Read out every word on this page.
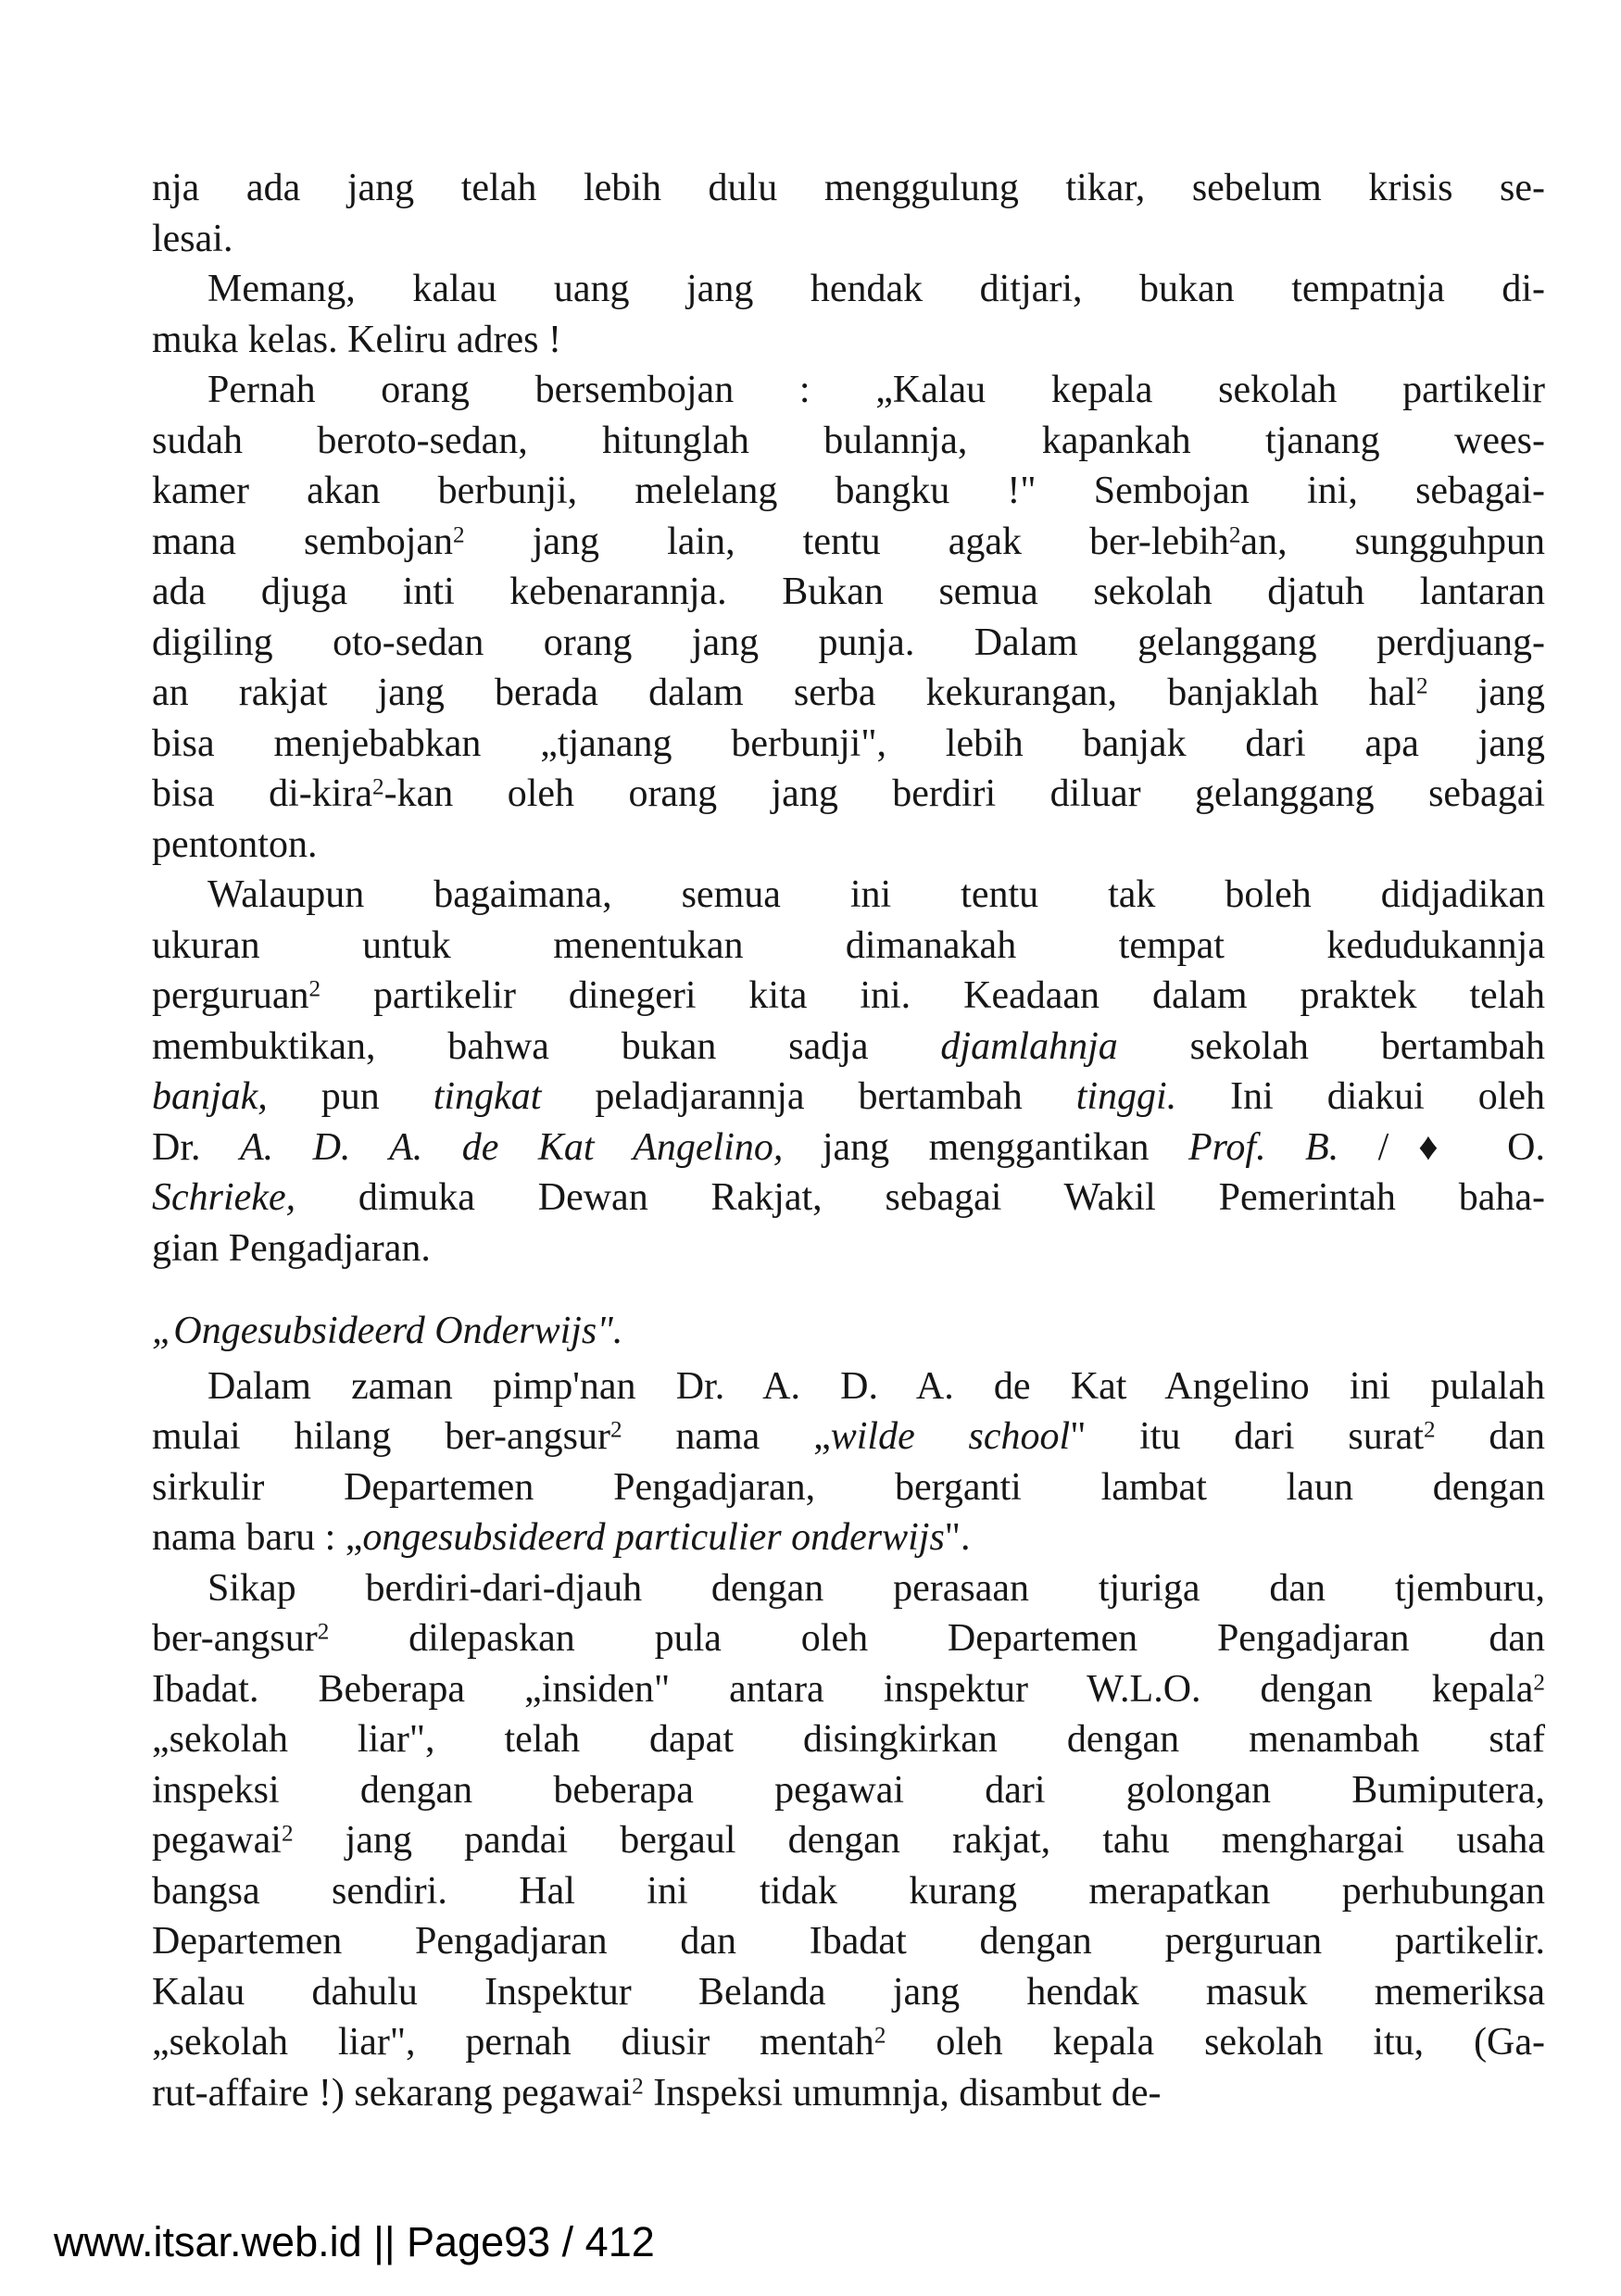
nja ada jang telah lebih dulu menggulung tikar, sebelum krisis se-
lesai.
Memang, kalau uang jang hendak ditjari, bukan tempatnja di-
muka kelas. Keliru adres !
Pernah orang bersembojan : „Kalau kepala sekolah partikelir
sudah beroto-sedan, hitunglah bulannja, kapankah tjanang wees-
kamer akan berbunji, melelang bangku !" Sembojan ini, sebagai-
mana sembojan$^2$ jang lain, tentu agak ber-lebih$^2$an, sungguhpun
ada djuga inti kebenarannja. Bukan semua sekolah djatuh lantaran
digiling oto-sedan orang jang punja. Dalam gelanggang perdjuang-
an rakjat jang berada dalam serba kekurangan, banjaklah hal$^2$ jang
bisa menjebabkan „tjanang berbunji", lebih banjak dari apa jang
bisa di-kira$^2$-kan oleh orang jang berdiri diluar gelanggang sebagai
pentonton.
Walaupun bagaimana, semua ini tentu tak boleh didjadikan
ukuran untuk menentukan dimanakah tempat kedudukannja
perguruan$^2$ partikelir dinegeri kita ini. Keadaan dalam praktek telah
membuktikan, bahwa bukan sadja djamlahnja sekolah bertambah
banjak, pun tingkat peladjarannja bertambah tinggi. Ini diakui oleh
Dr. A. D. A. de Kat Angelino, jang menggantikan Prof. B. /♦ O.
Schrieke, dimuka Dewan Rakjat, sebagai Wakil Pemerintah baha-
gian Pengadjaran.
„Ongesubsideerd Onderwijs".
Dalam zaman pimp'nan Dr. A. D. A. de Kat Angelino ini pulalah
mulai hilang ber-angsur$^2$ nama „wilde school" itu dari surat$^2$ dan
sirkulir Departemen Pengadjaran, berganti lambat laun dengan
nama baru : „ongesubsideerd particulier onderwijs".
Sikap berdiri-dari-djauh dengan perasaan tjuriga dan tjemburu,
ber-angsur$^2$ dilepaskan pula oleh Departemen Pengadjaran dan
Ibadat. Beberapa „insiden" antara inspektur W.L.O. dengan kepala$^2$
„sekolah liar", telah dapat disingkirkan dengan menambah staf
inspeksi dengan beberapa pegawai dari golongan Bumiputera,
pegawai$^2$ jang pandai bergaul dengan rakjat, tahu menghargai usaha
bangsa sendiri. Hal ini tidak kurang merapatkan perhubungan
Departemen Pengadjaran dan Ibadat dengan perguruan partikelir.
Kalau dahulu Inspektur Belanda jang hendak masuk memeriksa
„sekolah liar", pernah diusir mentah$^2$ oleh kepala sekolah itu, (Ga-
rut-affaire !) sekarang pegawai$^2$ Inspeksi umumnja, disambut de-
www.itsar.web.id || Page93 / 412
